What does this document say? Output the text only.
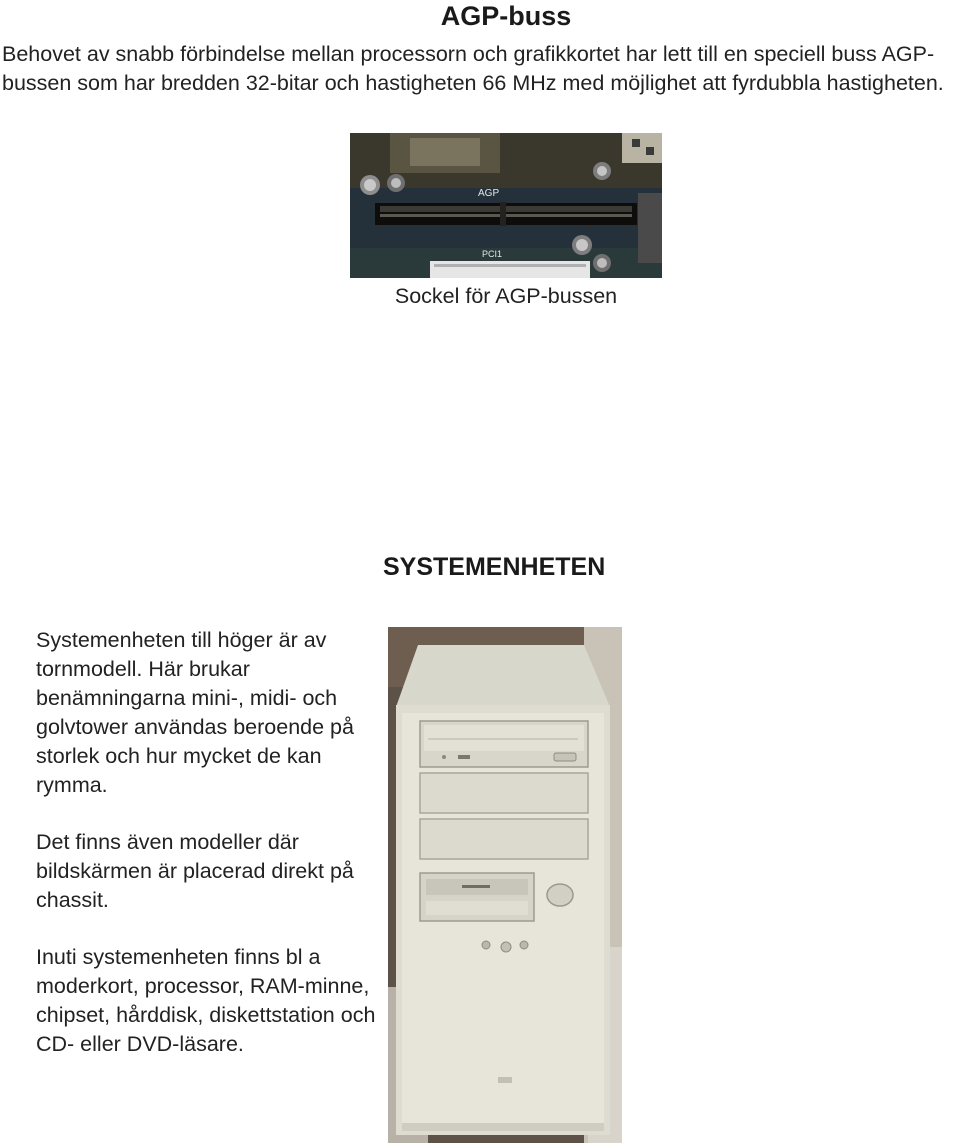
AGP-buss
Behovet av snabb förbindelse mellan processorn och grafikkortet har lett till en speciell buss AGP-bussen som har bredden 32-bitar och hastigheten 66 MHz med möjlighet att fyrdubbla hastigheten.
AGP
PCI1
Sockel för AGP-bussen
SYSTEMENHETEN

Systemenheten till höger är av tornmodell. Här brukar benämningarna mini-, midi- och golvtower användas beroende på storlek och hur mycket de kan rymma.

Det finns även modeller där bildskärmen är placerad direkt på chassit.

Inuti systemenheten finns bl a moderkort, processor, RAM-minne, chipset, hårddisk, diskettstation och CD- eller DVD-läsare.
